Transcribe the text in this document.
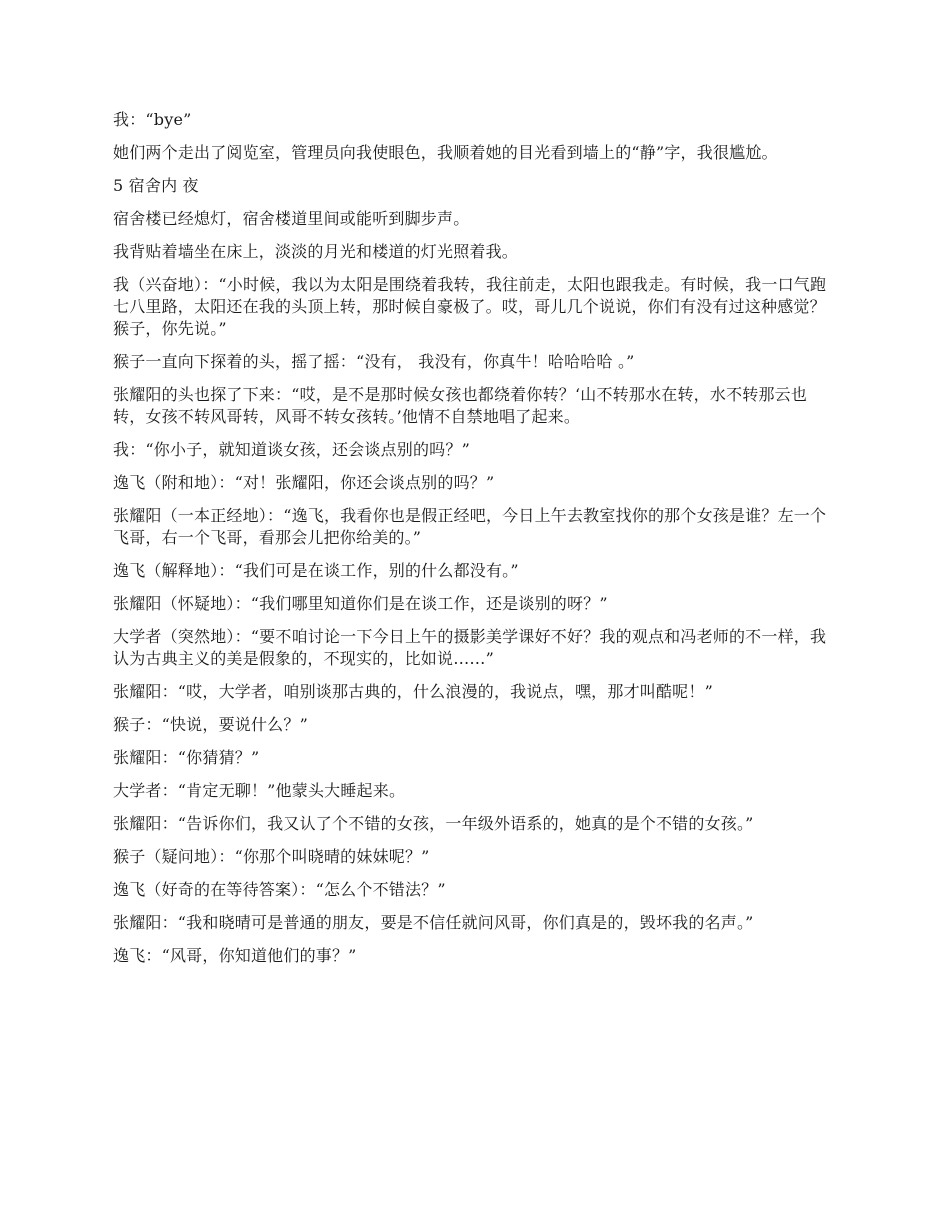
我：“bye”

她们两个走出了阅览室，管理员向我使眼色，我顺着她的目光看到墙上的“静”字，我很尴尬。

5 宿舍内 夜

宿舍楼已经熄灯，宿舍楼道里间或能听到脚步声。

我背贴着墙坐在床上，淡淡的月光和楼道的灯光照着我。

我（兴奋地）：“小时候，我以为太阳是围绕着我转，我往前走，太阳也跟我走。有时候，我一口气跑七八里路，太阳还在我的头顶上转，那时候自豪极了。哎，哥儿几个说说，你们有没有过这种感觉？猴子，你先说。”

猴子一直向下探着的头，摇了摇：“没有， 我没有，你真牛！哈哈哈哈 。”

张耀阳的头也探了下来：“哎，是不是那时候女孩也都绕着你转？‘山不转那水在转，水不转那云也转，女孩不转风哥转，风哥不转女孩转。’他情不自禁地唱了起来。

我：“你小子，就知道谈女孩，还会谈点别的吗？”

逸飞（附和地）：“对！张耀阳，你还会谈点别的吗？”

张耀阳（一本正经地）：“逸飞，我看你也是假正经吧，今日上午去教室找你的那个女孩是谁？左一个飞哥，右一个飞哥，看那会儿把你给美的。”

逸飞（解释地）：“我们可是在谈工作，别的什么都没有。”

张耀阳（怀疑地）：“我们哪里知道你们是在谈工作，还是谈别的呀？”

大学者（突然地）：“要不咱讨论一下今日上午的摄影美学课好不好？我的观点和冯老师的不一样，我认为古典主义的美是假象的，不现实的，比如说……”

张耀阳：“哎，大学者，咱别谈那古典的，什么浪漫的，我说点，嘿，那才叫酷呢！”

猴子：“快说，要说什么？”

张耀阳：“你猜猜？”

大学者：“肯定无聊！”他蒙头大睡起来。

张耀阳：“告诉你们，我又认了个不错的女孩，一年级外语系的，她真的是个不错的女孩。”

猴子（疑问地）：“你那个叫晓晴的妹妹呢？”

逸飞（好奇的在等待答案）：“怎么个不错法？”

张耀阳：“我和晓晴可是普通的朋友，要是不信任就问风哥，你们真是的，毁坏我的名声。”

逸飞：“风哥，你知道他们的事？”
